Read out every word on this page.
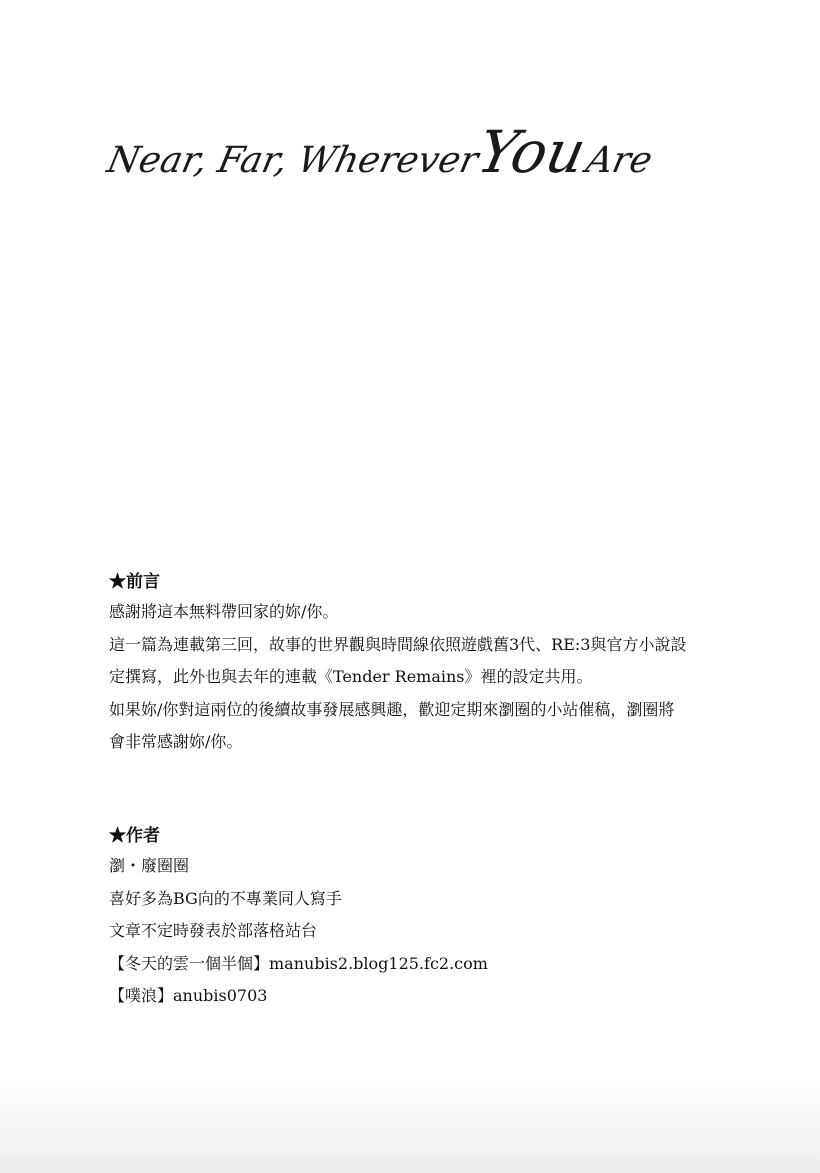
Near, Far, WhereverYouAre

★前言

感謝將這本無料帶回家的妳/你。

這一篇為連載第三回，故事的世界觀與時間線依照遊戲舊3代、RE:3與官方小說設

定撰寫，此外也與去年的連載《Tender Remains》裡的設定共用。

如果妳/你對這兩位的後續故事發展感興趣，歡迎定期來瀏圈的小站催稿，瀏圈將

會非常感謝妳/你。

★作者

瀏・廢圈圈

喜好多為BG向的不專業同人寫手

文章不定時發表於部落格站台

【冬天的雲一個半個】manubis2.blog125.fc2.com

【噗浪】anubis0703
